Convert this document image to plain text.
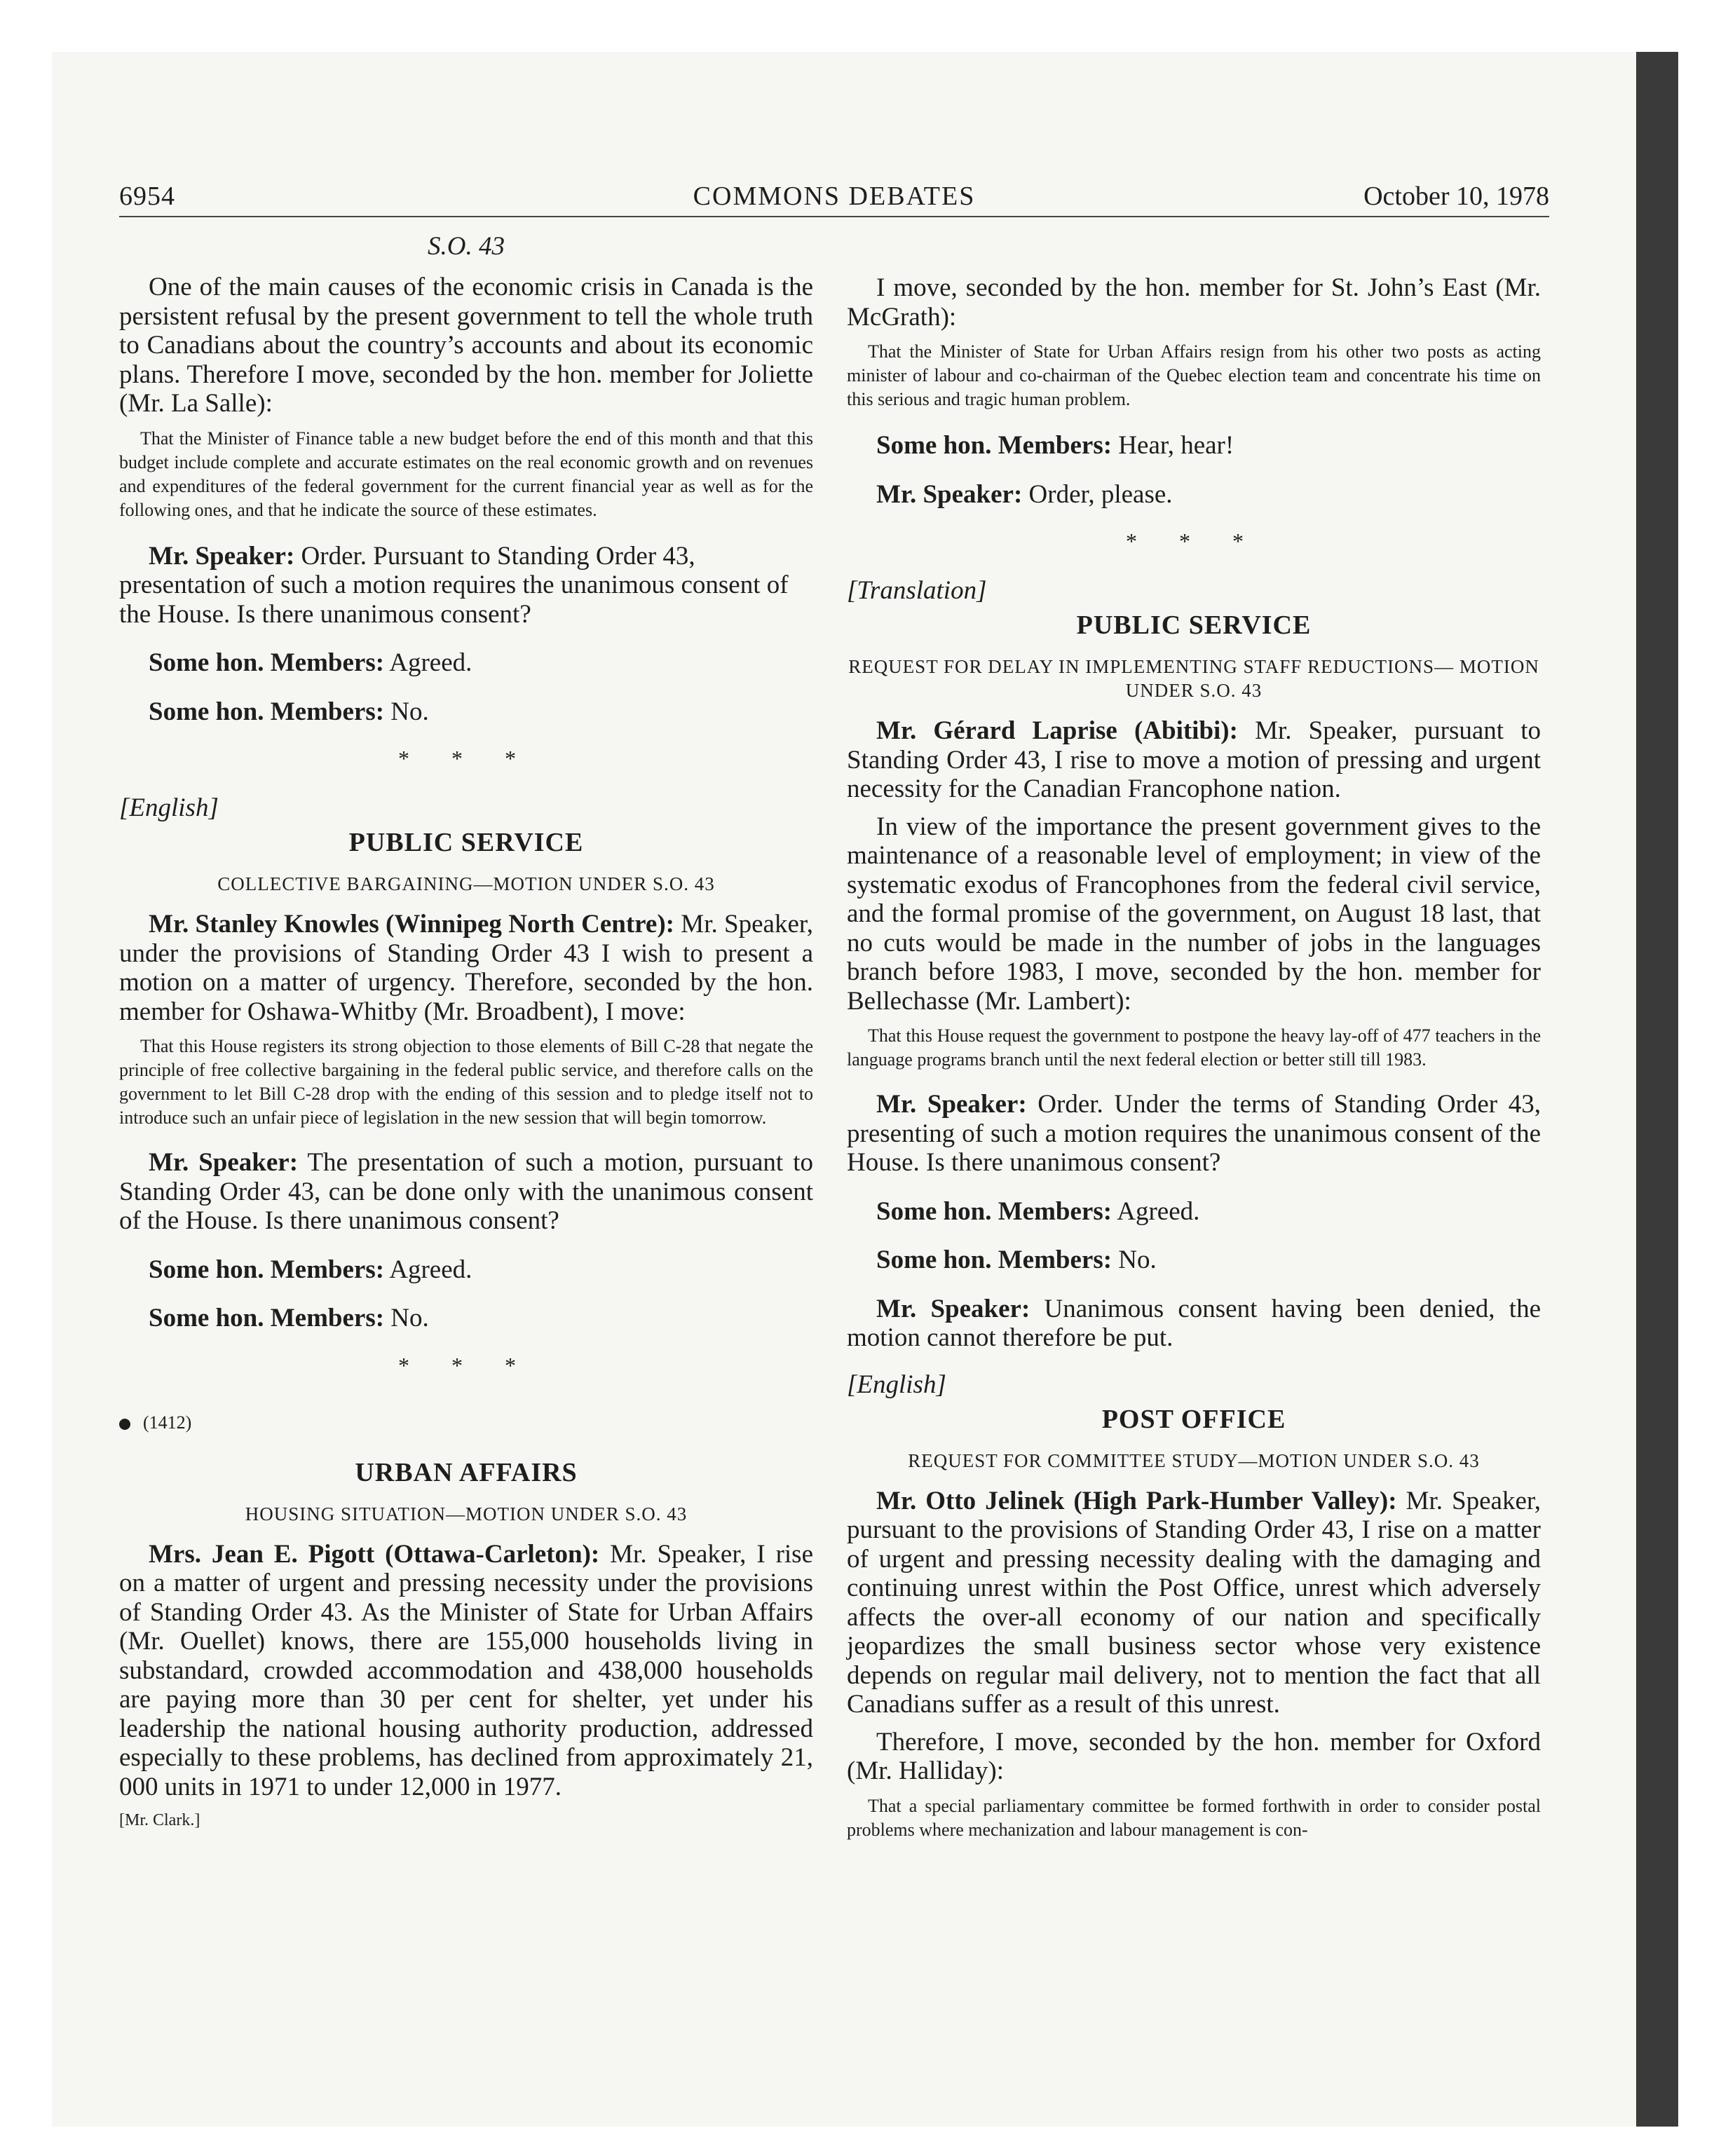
6954	COMMONS DEBATES	October 10, 1978
S.O. 43

One of the main causes of the economic crisis in Canada is the persistent refusal by the present government to tell the whole truth to Canadians about the country’s accounts and about its economic plans. Therefore I move, seconded by the hon. member for Joliette (Mr. La Salle):

That the Minister of Finance table a new budget before the end of this month and that this budget include complete and accurate estimates on the real economic growth and on revenues and expenditures of the federal government for the current financial year as well as for the following ones, and that he indicate the source of these estimates.

Mr. Speaker: Order. Pursuant to Standing Order 43, presentation of such a motion requires the unanimous consent of the House. Is there unanimous consent?

Some hon. Members: Agreed.

Some hon. Members: No.

* * *
[English]
PUBLIC SERVICE
COLLECTIVE BARGAINING—MOTION UNDER S.O. 43

Mr. Stanley Knowles (Winnipeg North Centre): Mr. Speaker, under the provisions of Standing Order 43 I wish to present a motion on a matter of urgency. Therefore, seconded by the hon. member for Oshawa-Whitby (Mr. Broadbent), I move:

That this House registers its strong objection to those elements of Bill C-28 that negate the principle of free collective bargaining in the federal public service, and therefore calls on the government to let Bill C-28 drop with the ending of this session and to pledge itself not to introduce such an unfair piece of legislation in the new session that will begin tomorrow.

Mr. Speaker: The presentation of such a motion, pursuant to Standing Order 43, can be done only with the unanimous consent of the House. Is there unanimous consent?

Some hon. Members: Agreed.

Some hon. Members: No.

* * *
(1412)
URBAN AFFAIRS
HOUSING SITUATION—MOTION UNDER S.O. 43

Mrs. Jean E. Pigott (Ottawa-Carleton): Mr. Speaker, I rise on a matter of urgent and pressing necessity under the provisions of Standing Order 43. As the Minister of State for Urban Affairs (Mr. Ouellet) knows, there are 155,000 households living in substandard, crowded accommodation and 438,000 households are paying more than 30 per cent for shelter, yet under his leadership the national housing authority production, addressed especially to these problems, has declined from approximately 21, 000 units in 1971 to under 12,000 in 1977.

[Mr. Clark.]

I move, seconded by the hon. member for St. John’s East (Mr. McGrath):

That the Minister of State for Urban Affairs resign from his other two posts as acting minister of labour and co-chairman of the Quebec election team and concentrate his time on this serious and tragic human problem.

Some hon. Members: Hear, hear!

Mr. Speaker: Order, please.

* * *
[Translation]
PUBLIC SERVICE
REQUEST FOR DELAY IN IMPLEMENTING STAFF REDUCTIONS— MOTION UNDER S.O. 43

Mr. Gérard Laprise (Abitibi): Mr. Speaker, pursuant to Standing Order 43, I rise to move a motion of pressing and urgent necessity for the Canadian Francophone nation.

In view of the importance the present government gives to the maintenance of a reasonable level of employment; in view of the systematic exodus of Francophones from the federal civil service, and the formal promise of the government, on August 18 last, that no cuts would be made in the number of jobs in the languages branch before 1983, I move, seconded by the hon. member for Bellechasse (Mr. Lambert):

That this House request the government to postpone the heavy lay-off of 477 teachers in the language programs branch until the next federal election or better still till 1983.

Mr. Speaker: Order. Under the terms of Standing Order 43, presenting of such a motion requires the unanimous consent of the House. Is there unanimous consent?

Some hon. Members: Agreed.

Some hon. Members: No.

Mr. Speaker: Unanimous consent having been denied, the motion cannot therefore be put.

[English]
POST OFFICE
REQUEST FOR COMMITTEE STUDY—MOTION UNDER S.O. 43

Mr. Otto Jelinek (High Park-Humber Valley): Mr. Speaker, pursuant to the provisions of Standing Order 43, I rise on a matter of urgent and pressing necessity dealing with the damaging and continuing unrest within the Post Office, unrest which adversely affects the over-all economy of our nation and specifically jeopardizes the small business sector whose very existence depends on regular mail delivery, not to mention the fact that all Canadians suffer as a result of this unrest.

Therefore, I move, seconded by the hon. member for Oxford (Mr. Halliday):

That a special parliamentary committee be formed forthwith in order to consider postal problems where mechanization and labour management is con-
